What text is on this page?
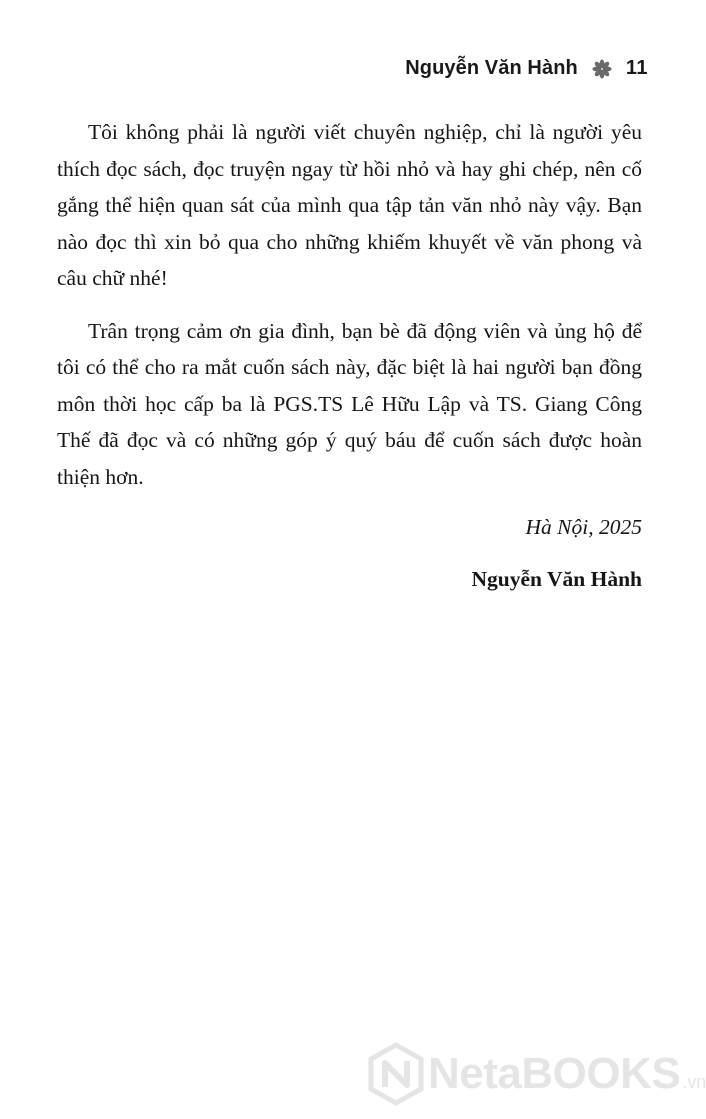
Nguyễn Văn Hành 11

Tôi không phải là người viết chuyên nghiệp, chỉ là người yêu thích đọc sách, đọc truyện ngay từ hồi nhỏ và hay ghi chép, nên cố gắng thể hiện quan sát của mình qua tập tản văn nhỏ này vậy. Bạn nào đọc thì xin bỏ qua cho những khiếm khuyết về văn phong và câu chữ nhé!

Trân trọng cảm ơn gia đình, bạn bè đã động viên và ủng hộ để tôi có thể cho ra mắt cuốn sách này, đặc biệt là hai người bạn đồng môn thời học cấp ba là PGS.TS Lê Hữu Lập và TS. Giang Công Thế đã đọc và có những góp ý quý báu để cuốn sách được hoàn thiện hơn.

Hà Nội, 2025

Nguyễn Văn Hành

NetaBOOKS .vn
